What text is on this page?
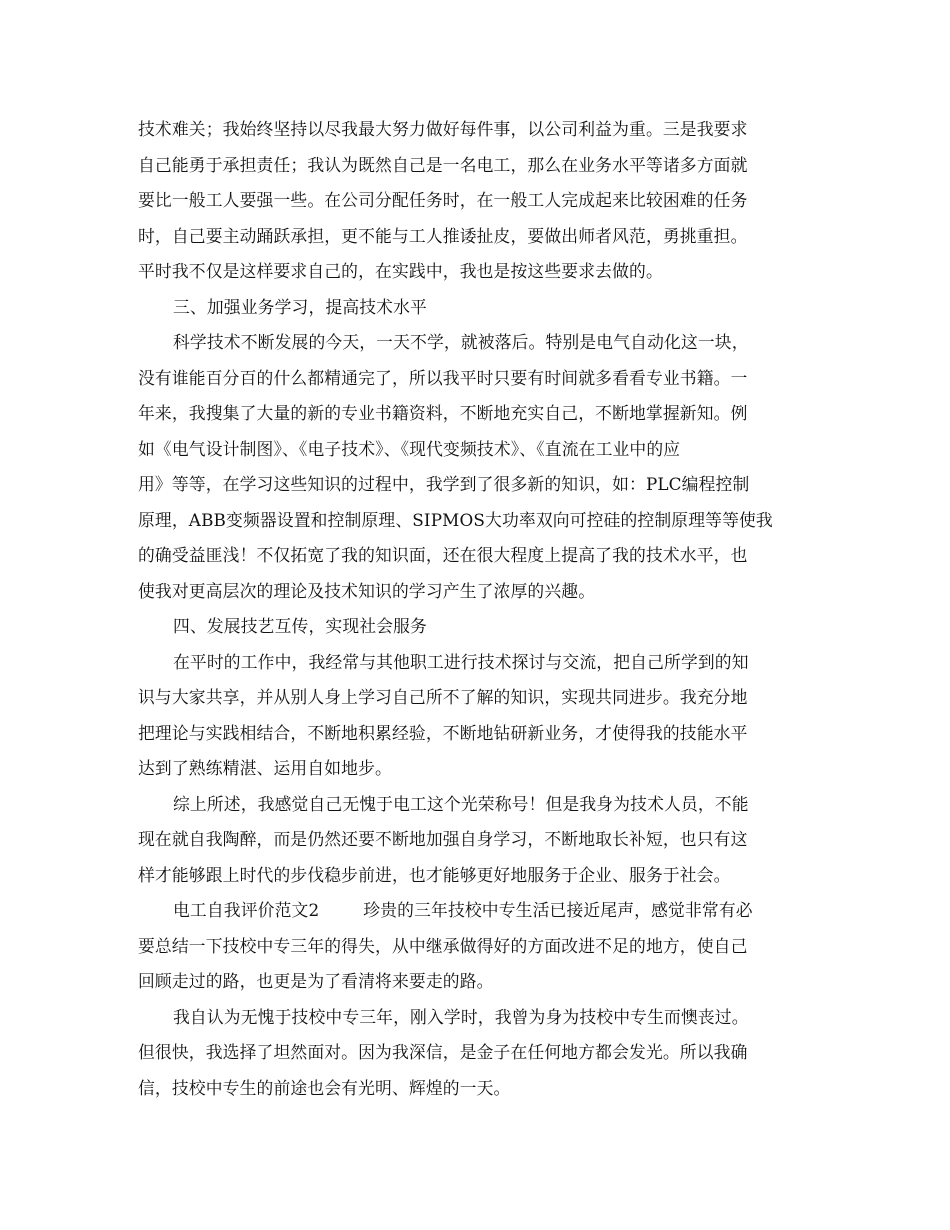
技术难关；我始终坚持以尽我最大努力做好每件事，以公司利益为重。三是我要求
自己能勇于承担责任；我认为既然自己是一名电工，那么在业务水平等诸多方面就
要比一般工人要强一些。在公司分配任务时，在一般工人完成起来比较困难的任务
时，自己要主动踊跃承担，更不能与工人推诿扯皮，要做出师者风范，勇挑重担。
平时我不仅是这样要求自己的，在实践中，我也是按这些要求去做的。
三、加强业务学习，提高技术水平
科学技术不断发展的今天，一天不学，就被落后。特别是电气自动化这一块，
没有谁能百分百的什么都精通完了，所以我平时只要有时间就多看看专业书籍。一
年来，我搜集了大量的新的专业书籍资料，不断地充实自己，不断地掌握新知。例
如《电气设计制图》、《电子技术》、《现代变频技术》、《直流在工业中的应
用》等等，在学习这些知识的过程中，我学到了很多新的知识，如：PLC编程控制
原理，ABB变频器设置和控制原理、SIPMOS大功率双向可控硅的控制原理等等使我
的确受益匪浅！不仅拓宽了我的知识面，还在很大程度上提高了我的技术水平，也
使我对更高层次的理论及技术知识的学习产生了浓厚的兴趣。
四、发展技艺互传，实现社会服务
在平时的工作中，我经常与其他职工进行技术探讨与交流，把自己所学到的知
识与大家共享，并从别人身上学习自己所不了解的知识，实现共同进步。我充分地
把理论与实践相结合，不断地积累经验，不断地钻研新业务，才使得我的技能水平
达到了熟练精湛、运用自如地步。
综上所述，我感觉自己无愧于电工这个光荣称号！但是我身为技术人员，不能
现在就自我陶醉，而是仍然还要不断地加强自身学习，不断地取长补短，也只有这
样才能够跟上时代的步伐稳步前进，也才能够更好地服务于企业、服务于社会。
电工自我评价范文2	珍贵的三年技校中专生活已接近尾声，感觉非常有必
要总结一下技校中专三年的得失，从中继承做得好的方面改进不足的地方，使自己
回顾走过的路，也更是为了看清将来要走的路。
我自认为无愧于技校中专三年，刚入学时，我曾为身为技校中专生而懊丧过。
但很快，我选择了坦然面对。因为我深信，是金子在任何地方都会发光。所以我确
信，技校中专生的前途也会有光明、辉煌的一天。
